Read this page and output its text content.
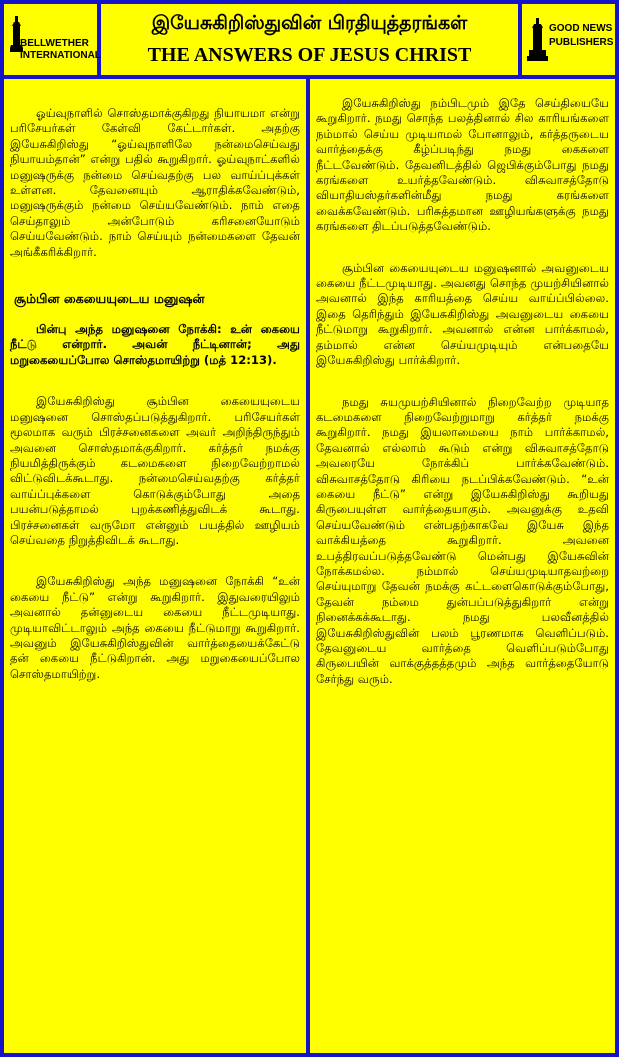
BELLWETHER
INTERNATIONAL
இயேசுகிறிஸ்துவின் பிரதியுத்தரங்கள்
THE ANSWERS OF JESUS CHRIST
GOOD NEWS
PUBLISHERS

ஓய்வுநாளில் சொஸ்தமாக்குகிறது நியாயமா என்று பரிசேயர்கள் கேள்வி கேட்டார்கள். அதற்கு இயேசுகிறிஸ்து “ஓய்வுநாளிலே நன்மைசெய்வது நியாயம்தான்” என்று பதில் கூறுகிறார். ஓய்வுநாட்களில் மனுஷருக்கு நன்மை செய்வதற்கு பல வாய்ப்புக்கள் உள்ளன. தேவனையும் ஆராதிக்கவேண்டும், மனுஷருக்கும் நன்மை செய்யவேண்டும். நாம் எதை செய்தாலும் அன்போடும் கரிசனையோடும் செய்யவேண்டும். நாம் செய்யும் நன்மைகளை தேவன் அங்கீகரிக்கிறார்.

சூம்பின கையையுடைய மனுஷன்

பின்பு அந்த மனுஷனை நோக்கி: உன் கையை நீட்டு என்றார். அவன் நீட்டினான்; அது மறுகையைப்போல சொஸ்தமாயிற்று (மத் 12:13).

இயேசுகிறிஸ்து சூம்பின கையையுடைய மனுஷனை சொஸ்தப்படுத்துகிறார். பரிசேயர்கள் மூலமாக வரும் பிரச்சனைகளை அவர் அறிந்திருந்தும் அவனை சொஸ்தமாக்குகிறார். கர்த்தர் நமக்கு நியமித்திருக்கும் கடமைகளை நிறைவேற்றாமல் விட்டுவிடக்கூடாது. நன்மைசெய்வதற்கு கர்த்தர் வாய்ப்புக்களை கொடுக்கும்போது அதை பயன்படுத்தாமல் புறக்கணித்துவிடக் கூடாது. பிரச்சனைகள் வருமோ என்னும் பயத்தில் ஊழியம் செய்வதை நிறுத்திவிடக் கூடாது.

இயேசுகிறிஸ்து அந்த மனுஷனை நோக்கி “உன் கையை நீட்டு” என்று கூறுகிறார். இதுவரையிலும் அவனால் தன்னுடைய கையை நீட்டமுடியாது. முடியாவிட்டாலும் அந்த கையை நீட்டுமாறு கூறுகிறார். அவனும் இயேசுகிறிஸ்துவின் வார்த்தையைக்கேட்டு தன் கையை நீட்டுகிறான். அது மறுகையைப்போல சொஸ்தமாயிற்று.

இயேசுகிறிஸ்து நம்பிடமும் இதே செய்தியையே கூறுகிறார். நமது சொந்த பலத்தினால் சில காரியங்களை நம்மால் செய்ய முடியாமல் போனாலும், கர்த்தருடைய வார்த்தைக்கு கீழ்ப்படிந்து நமது கைகளை நீட்டவேண்டும். தேவனிடத்தில் ஜெபிக்கும்போது நமது கரங்களை உயர்த்தவேண்டும். விசுவாசத்தோடு வியாதியஸ்தர்களின்மீது நமது கரங்களை வைக்கவேண்டும். பரிசுத்தமான ஊழியங்களுக்கு நமது கரங்களை திடப்படுத்தவேண்டும்.

சூம்பின கையையுடைய மனுஷனால் அவனுடைய கையை நீட்டமுடியாது. அவனது சொந்த முயற்சியினால் அவனால் இந்த காரியத்தை செய்ய வாய்ப்பில்லை. இதை தெரிந்தும் இயேசுகிறிஸ்து அவனுடைய கையை நீட்டுமாறு கூறுகிறார். அவனால் என்ன பார்க்காமல், தம்மால் என்ன செய்யமுடியும் என்பதையே இயேசுகிறிஸ்து பார்க்கிறார்.

நமது சுயமுயற்சியினால் நிறைவேற்ற முடியாத கடமைகளை நிறைவேற்றுமாறு கர்த்தர் நமக்கு கூறுகிறார். நமது இயலாமையை நாம் பார்க்காமல், தேவனால் எல்லாம் கூடும் என்று விசுவாசத்தோடு அவரையே நோக்கிப் பார்க்கவேண்டும். விசுவாசத்தோடு கிரியை நடப்பிக்கவேண்டும். “உன் கையை நீட்டு” என்று இயேசுகிறிஸ்து கூறியது கிருபையுள்ள வார்த்தையாகும். அவனுக்கு உதவி செய்யவேண்டும் என்பதற்காகவே இயேசு இந்த வாக்கியத்தை கூறுகிறார். அவனை உபத்திரவப்படுத்தவேண்டு மென்பது இயேசுவின் நோக்கமல்ல. நம்மால் செய்யமுடியாதவற்றை செய்யுமாறு தேவன் நமக்கு கட்டளைகொடுக்கும்போது, தேவன் நம்மை துன்பப்படுத்துகிறார் என்று நினைக்கக்கூடாது. நமது பலவீனத்தில் இயேசுகிறிஸ்துவின் பலம் பூரணமாக வெளிப்படும். தேவனுடைய வார்த்தை வெளிப்படும்போது கிருபையின் வாக்குத்தத்தமும் அந்த வார்த்தையோடு சேர்ந்து வரும்.
